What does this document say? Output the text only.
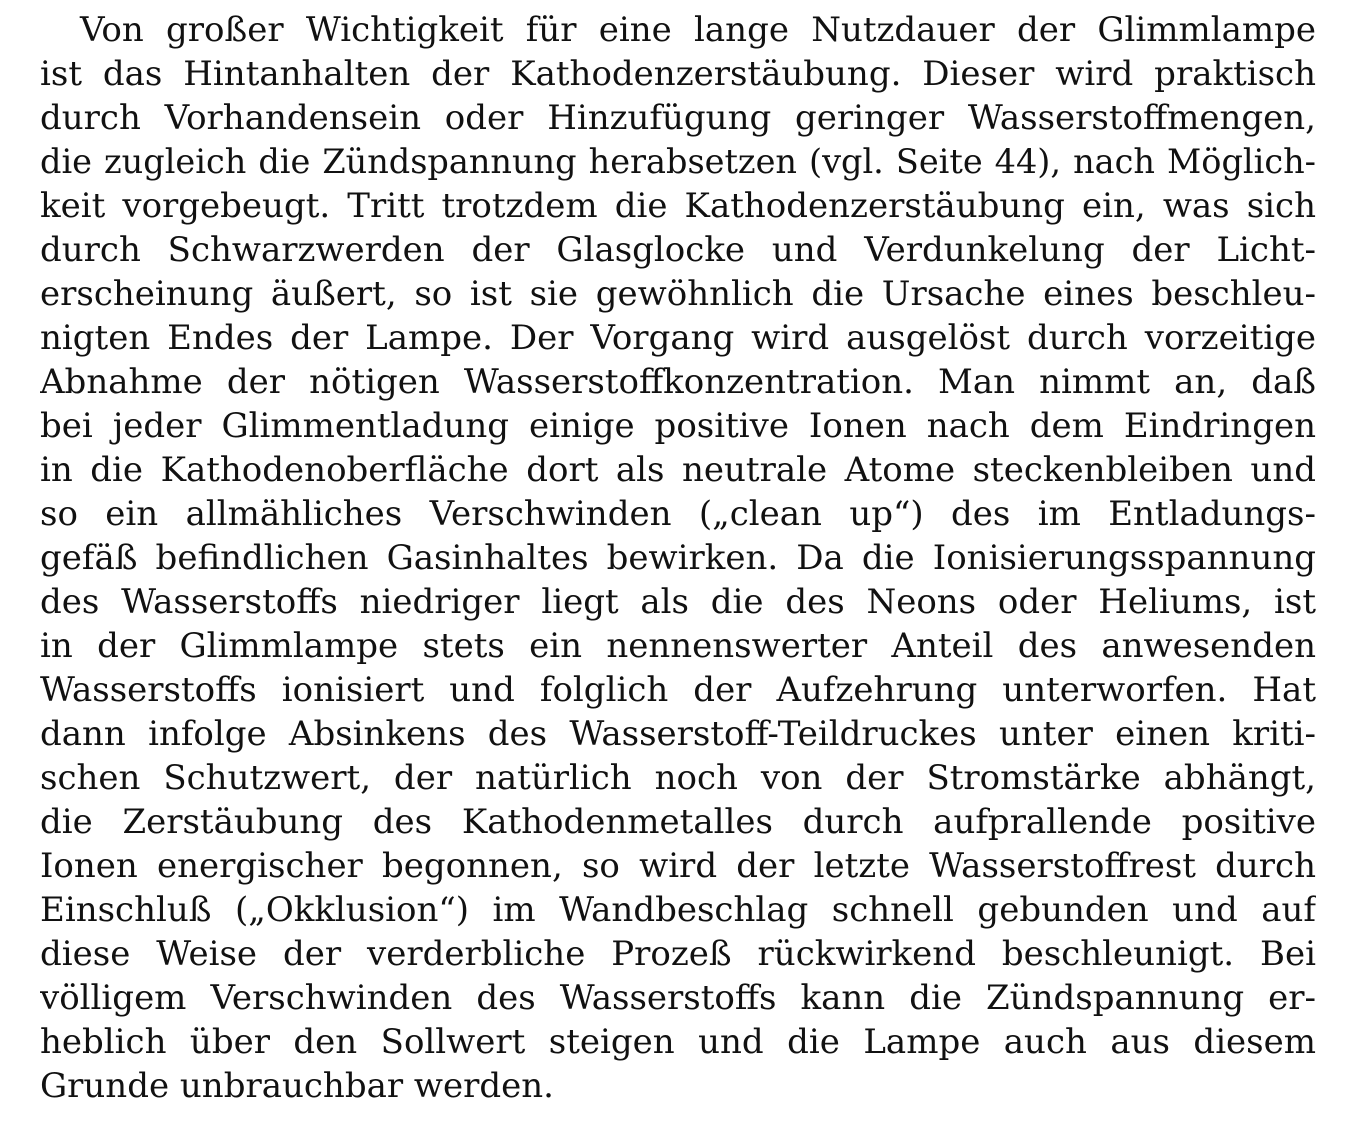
Von großer Wichtigkeit für eine lange Nutzdauer der Glimmlampe
ist das Hintanhalten der Kathodenzerstäubung. Dieser wird praktisch
durch Vorhandensein oder Hinzufügung geringer Wasserstoffmengen,
die zugleich die Zündspannung herabsetzen (vgl. Seite 44), nach Möglich-
keit vorgebeugt. Tritt trotzdem die Kathodenzerstäubung ein, was sich
durch Schwarzwerden der Glasglocke und Verdunkelung der Licht-
erscheinung äußert, so ist sie gewöhnlich die Ursache eines beschleu-
nigten Endes der Lampe. Der Vorgang wird ausgelöst durch vorzeitige
Abnahme der nötigen Wasserstoffkonzentration. Man nimmt an, daß
bei jeder Glimmentladung einige positive Ionen nach dem Eindringen
in die Kathodenoberfläche dort als neutrale Atome steckenbleiben und
so ein allmähliches Verschwinden („clean up“) des im Entladungs-
gefäß befindlichen Gasinhaltes bewirken. Da die Ionisierungsspannung
des Wasserstoffs niedriger liegt als die des Neons oder Heliums, ist
in der Glimmlampe stets ein nennenswerter Anteil des anwesenden
Wasserstoffs ionisiert und folglich der Aufzehrung unterworfen. Hat
dann infolge Absinkens des Wasserstoff-Teildruckes unter einen kriti-
schen Schutzwert, der natürlich noch von der Stromstärke abhängt,
die Zerstäubung des Kathodenmetalles durch aufprallende positive
Ionen energischer begonnen, so wird der letzte Wasserstoffrest durch
Einschluß („Okklusion“) im Wandbeschlag schnell gebunden und auf
diese Weise der verderbliche Prozeß rückwirkend beschleunigt. Bei
völligem Verschwinden des Wasserstoffs kann die Zündspannung er-
heblich über den Sollwert steigen und die Lampe auch aus diesem
Grunde unbrauchbar werden.
